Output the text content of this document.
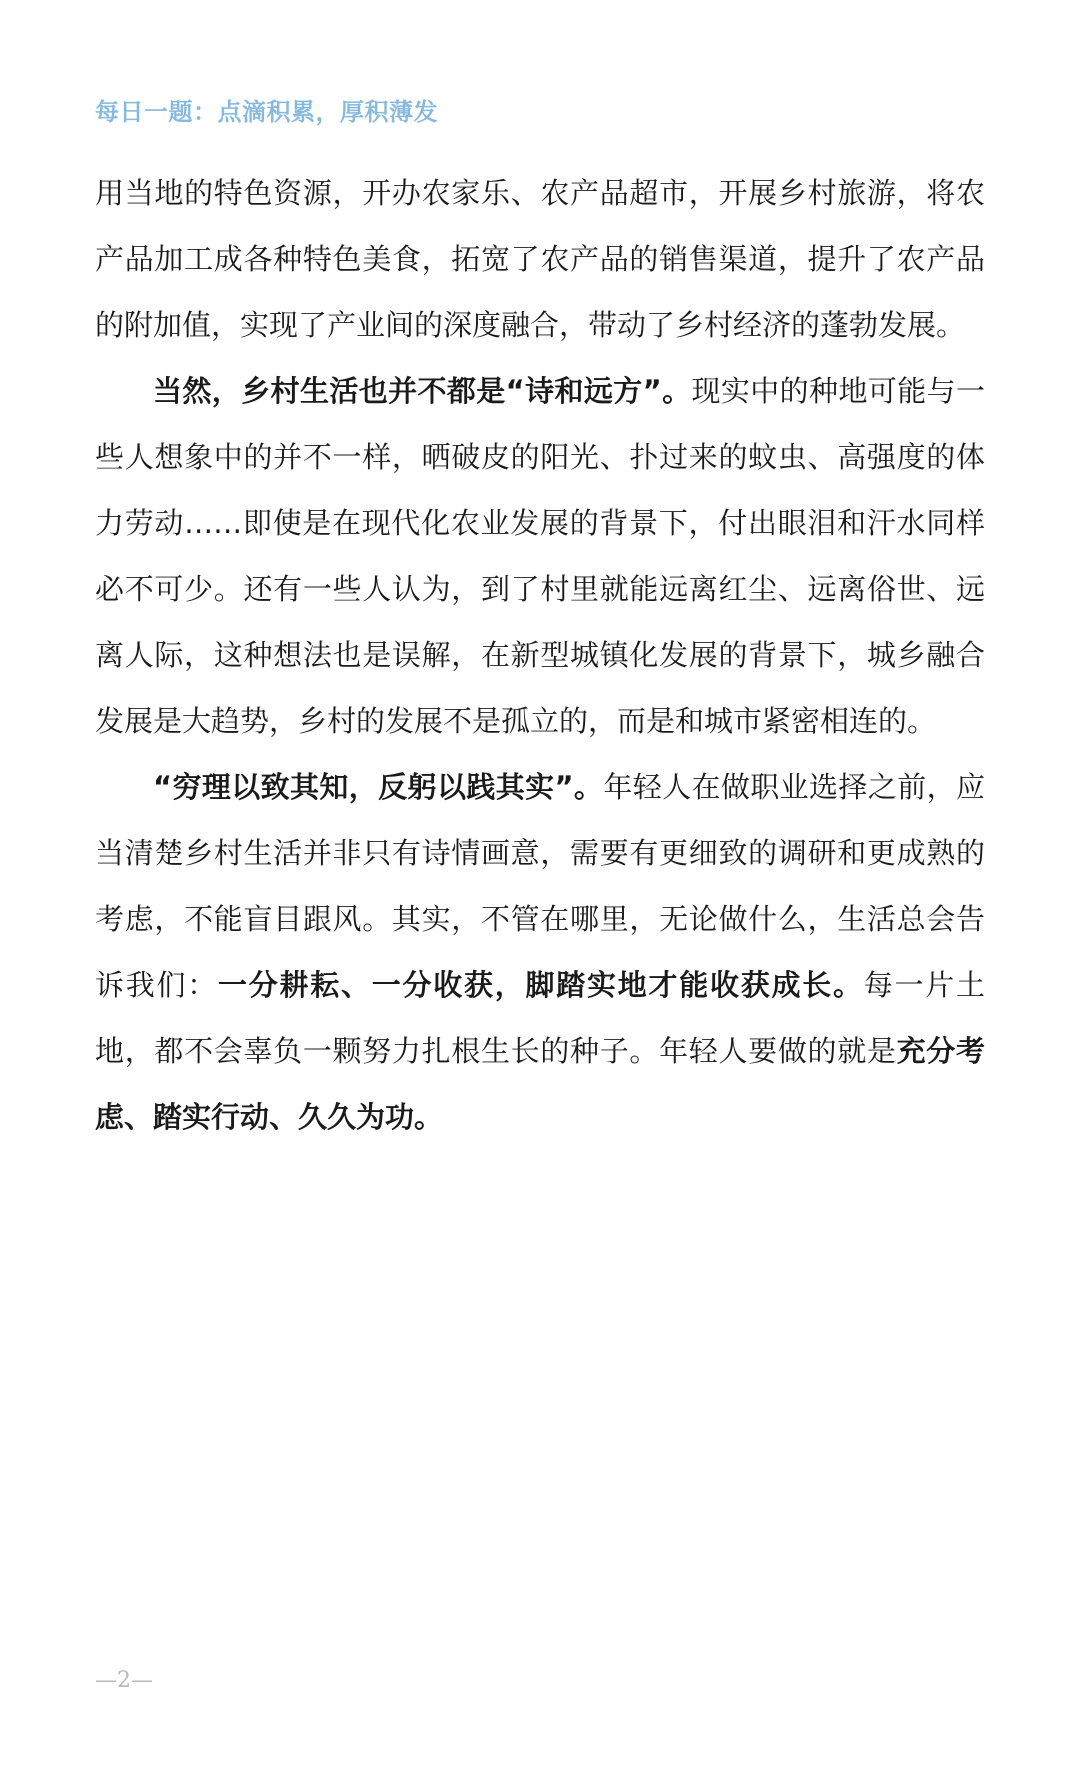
每日一题：点滴积累，厚积薄发

用当地的特色资源，开办农家乐、农产品超市，开展乡村旅游，将农产品加工成各种特色美食，拓宽了农产品的销售渠道，提升了农产品的附加值，实现了产业间的深度融合，带动了乡村经济的蓬勃发展。

当然，乡村生活也并不都是“诗和远方”。现实中的种地可能与一些人想象中的并不一样，晒破皮的阳光、扑过来的蚊虫、高强度的体力劳动……即使是在现代化农业发展的背景下，付出眼泪和汗水同样必不可少。还有一些人认为，到了村里就能远离红尘、远离俗世、远离人际，这种想法也是误解，在新型城镇化发展的背景下，城乡融合发展是大趋势，乡村的发展不是孤立的，而是和城市紧密相连的。

“穷理以致其知，反躬以践其实”。年轻人在做职业选择之前，应当清楚乡村生活并非只有诗情画意，需要有更细致的调研和更成熟的考虑，不能盲目跟风。其实，不管在哪里，无论做什么，生活总会告诉我们：一分耕耘、一分收获，脚踏实地才能收获成长。每一片土地，都不会辜负一颗努力扎根生长的种子。年轻人要做的就是充分考虑、踏实行动、久久为功。

—2—
